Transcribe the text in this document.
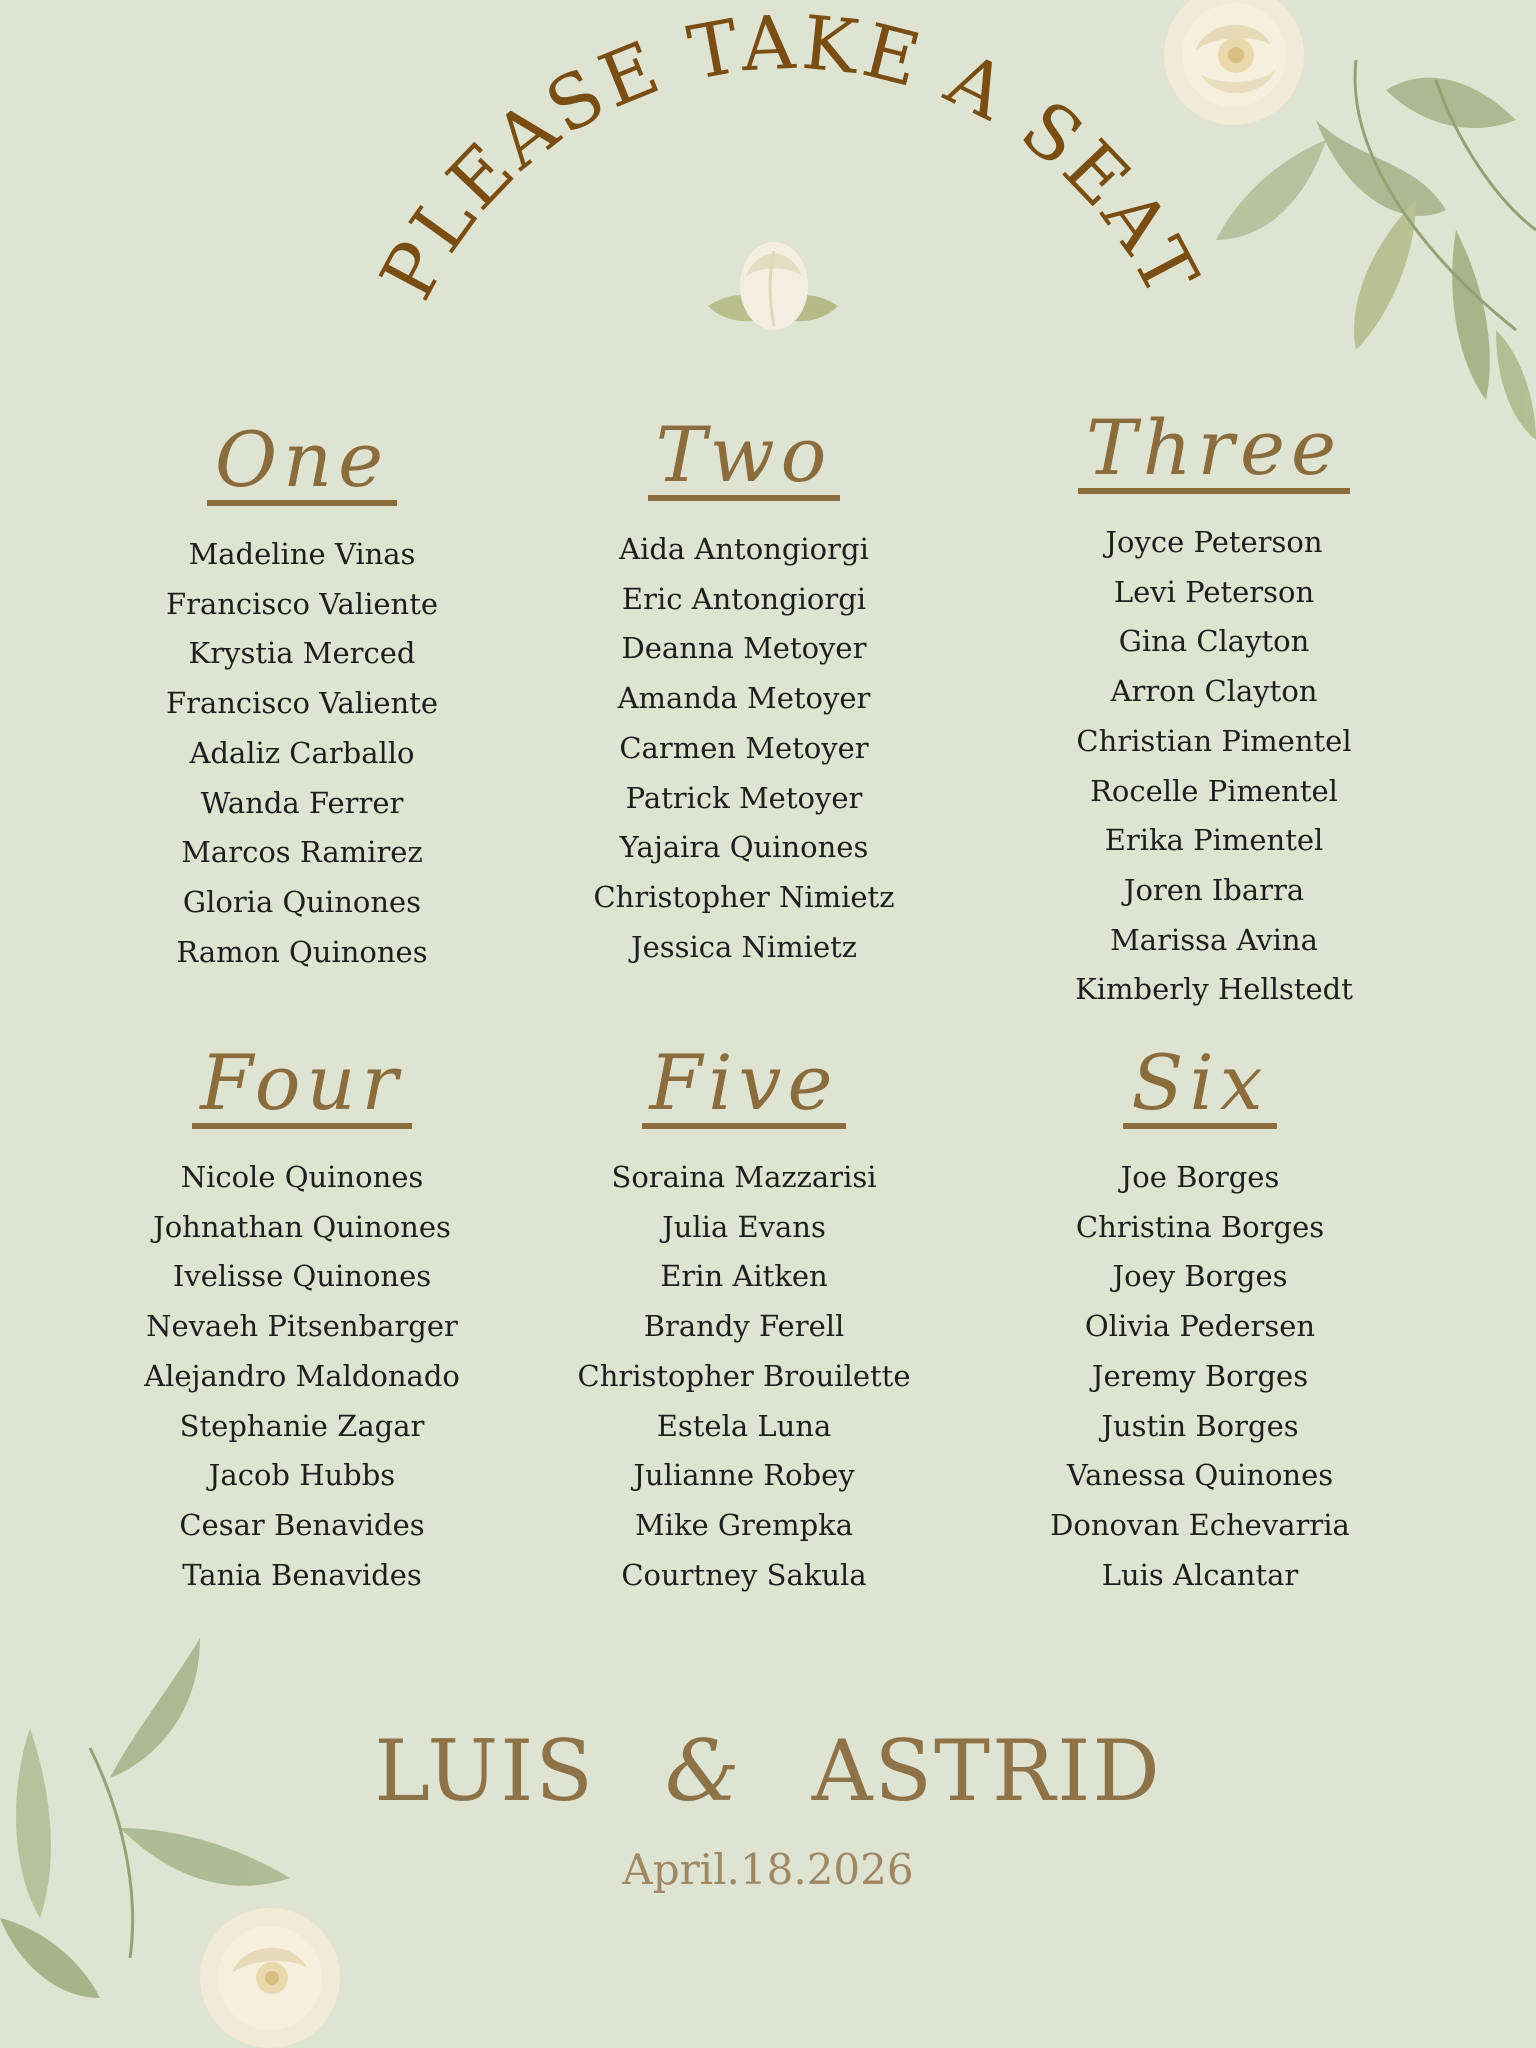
PLEASE TAKE A SEAT
One
Madeline Vinas
Francisco Valiente
Krystia Merced
Francisco Valiente
Adaliz Carballo
Wanda Ferrer
Marcos Ramirez
Gloria Quinones
Ramon Quinones
Two
Aida Antongiorgi
Eric Antongiorgi
Deanna Metoyer
Amanda Metoyer
Carmen Metoyer
Patrick Metoyer
Yajaira Quinones
Christopher Nimietz
Jessica Nimietz
Three
Joyce Peterson
Levi Peterson
Gina Clayton
Arron Clayton
Christian Pimentel
Rocelle Pimentel
Erika Pimentel
Joren Ibarra
Marissa Avina
Kimberly Hellstedt
Four
Nicole Quinones
Johnathan Quinones
Ivelisse Quinones
Nevaeh Pitsenbarger
Alejandro Maldonado
Stephanie Zagar
Jacob Hubbs
Cesar Benavides
Tania Benavides
Five
Soraina Mazzarisi
Julia Evans
Erin Aitken
Brandy Ferell
Christopher Brouilette
Estela Luna
Julianne Robey
Mike Grempka
Courtney Sakula
Six
Joe Borges
Christina Borges
Joey Borges
Olivia Pedersen
Jeremy Borges
Justin Borges
Vanessa Quinones
Donovan Echevarria
Luis Alcantar
LUIS & ASTRID
April.18.2026
